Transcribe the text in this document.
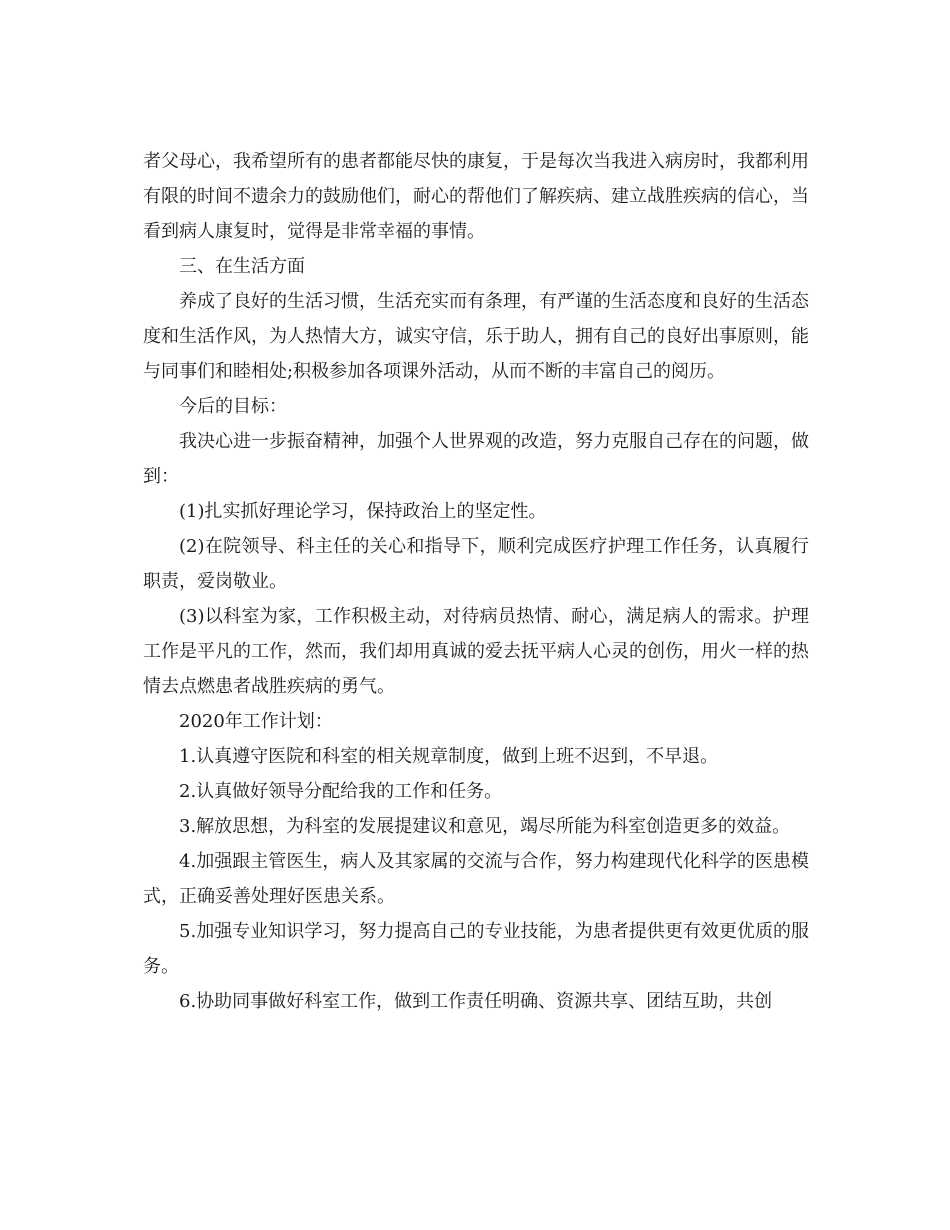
者父母心，我希望所有的患者都能尽快的康复，于是每次当我进入病房时，我都利用有限的时间不遗余力的鼓励他们，耐心的帮他们了解疾病、建立战胜疾病的信心，当看到病人康复时，觉得是非常幸福的事情。

三、在生活方面

养成了良好的生活习惯，生活充实而有条理，有严谨的生活态度和良好的生活态度和生活作风，为人热情大方，诚实守信，乐于助人，拥有自己的良好出事原则，能与同事们和睦相处;积极参加各项课外活动，从而不断的丰富自己的阅历。

今后的目标：

我决心进一步振奋精神，加强个人世界观的改造，努力克服自己存在的问题，做到：

(1)扎实抓好理论学习，保持政治上的坚定性。

(2)在院领导、科主任的关心和指导下，顺利完成医疗护理工作任务，认真履行职责，爱岗敬业。

(3)以科室为家，工作积极主动，对待病员热情、耐心，满足病人的需求。护理工作是平凡的工作，然而，我们却用真诚的爱去抚平病人心灵的创伤，用火一样的热情去点燃患者战胜疾病的勇气。

2020年工作计划：

1.认真遵守医院和科室的相关规章制度，做到上班不迟到，不早退。

2.认真做好领导分配给我的工作和任务。

3.解放思想，为科室的发展提建议和意见，竭尽所能为科室创造更多的效益。

4.加强跟主管医生，病人及其家属的交流与合作，努力构建现代化科学的医患模式，正确妥善处理好医患关系。

5.加强专业知识学习，努力提高自己的专业技能，为患者提供更有效更优质的服务。

6.协助同事做好科室工作，做到工作责任明确、资源共享、团结互助，共创
